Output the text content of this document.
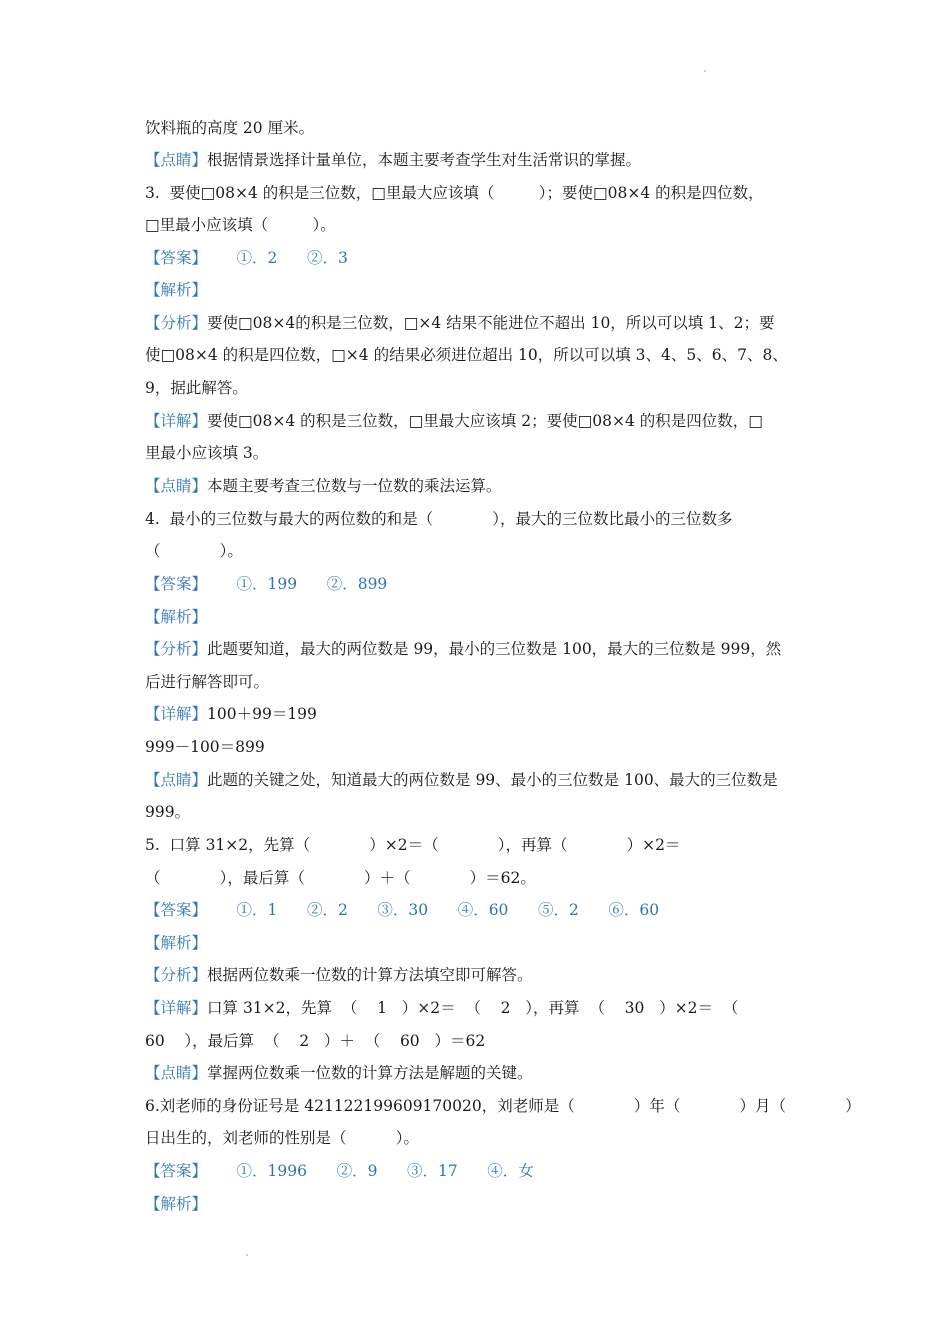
饮料瓶的高度 20 厘米。
【点睛】根据情景选择计量单位，本题主要考查学生对生活常识的掌握。
3.  要使□08×4 的积是三位数，□里最大应该填（         ）；要使□08×4 的积是四位数，
□里最小应该填（         ）。
【答案】      ①．2      ②．3
【解析】
【分析】要使□08×4的积是三位数，□×4 结果不能进位不超出 10，所以可以填 1、2；要
使□08×4 的积是四位数，□×4 的结果必须进位超出 10，所以可以填 3、4、5、6、7、8、
9，据此解答。
【详解】要使□08×4 的积是三位数，□里最大应该填 2；要使□08×4 的积是四位数，□
里最小应该填 3。
【点睛】本题主要考查三位数与一位数的乘法运算。
4.  最小的三位数与最大的两位数的和是（            ），最大的三位数比最小的三位数多
（            ）。
【答案】      ①．199      ②．899
【解析】
【分析】此题要知道，最大的两位数是 99，最小的三位数是 100，最大的三位数是 999，然
后进行解答即可。
【详解】100＋99＝199
999－100＝899
【点睛】此题的关键之处，知道最大的两位数是 99、最小的三位数是 100、最大的三位数是
999。
5.  口算 31×2，先算（            ）×2＝（            ），再算（            ）×2＝
（            ），最后算（            ）＋（            ）＝62。
【答案】      ①．1      ②．2      ③．30      ④．60      ⑤．2      ⑥．60
【解析】
【分析】根据两位数乘一位数的计算方法填空即可解答。
【详解】口算 31×2，先算  （    1   ）×2＝  （    2   ），再算  （    30   ）×2＝  （
60    ），最后算  （    2   ）＋  （    60   ）＝62
【点睛】掌握两位数乘一位数的计算方法是解题的关键。
6.刘老师的身份证号是 421122199609170020，刘老师是（            ）年（            ）月（            ）
日出生的，刘老师的性别是（          ）。
【答案】      ①．1996      ②．9      ③．17      ④．女
【解析】
